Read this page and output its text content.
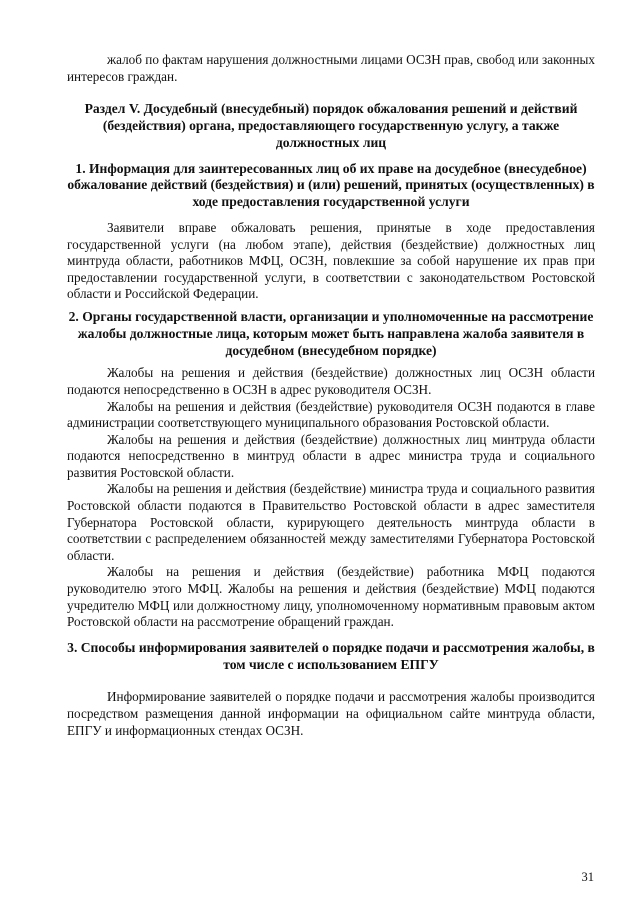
жалоб по фактам нарушения должностными лицами ОСЗН прав, свобод или законных интересов граждан.

Раздел V. Досудебный (внесудебный) порядок обжалования решений и действий (бездействия) органа, предоставляющего государственную услугу, а также должностных лиц
1. Информация для заинтересованных лиц об их праве на досудебное (внесудебное) обжалование действий (бездействия) и (или) решений, принятых (осуществленных) в ходе предоставления государственной услуги

Заявители вправе обжаловать решения, принятые в ходе предоставления государственной услуги (на любом этапе), действия (бездействие) должностных лиц минтруда области, работников МФЦ, ОСЗН, повлекшие за собой нарушение их прав при предоставлении государственной услуги, в соответствии с законодательством Ростовской области и Российской Федерации.

2. Органы государственной власти, организации и уполномоченные на рассмотрение жалобы должностные лица, которым может быть направлена жалоба заявителя в досудебном (внесудебном порядке)

Жалобы на решения и действия (бездействие) должностных лиц ОСЗН области подаются непосредственно в ОСЗН в адрес руководителя ОСЗН.

Жалобы на решения и действия (бездействие) руководителя ОСЗН подаются в главе администрации соответствующего муниципального образования Ростовской области.

Жалобы на решения и действия (бездействие) должностных лиц минтруда области подаются непосредственно в минтруд области в адрес министра труда и социального развития Ростовской области.

Жалобы на решения и действия (бездействие) министра труда и социального развития Ростовской области подаются в Правительство Ростовской области в адрес заместителя Губернатора Ростовской области, курирующего деятельность минтруда области в соответствии с распределением обязанностей между заместителями Губернатора Ростовской области.

Жалобы на решения и действия (бездействие) работника МФЦ подаются руководителю этого МФЦ. Жалобы на решения и действия (бездействие) МФЦ подаются учредителю МФЦ или должностному лицу, уполномоченному нормативным правовым актом Ростовской области на рассмотрение обращений граждан.

3. Способы информирования заявителей о порядке подачи и рассмотрения жалобы, в том числе с использованием ЕПГУ

Информирование заявителей о порядке подачи и рассмотрения жалобы производится посредством размещения данной информации на официальном сайте минтруда области, ЕПГУ и информационных стендах ОСЗН.

31
